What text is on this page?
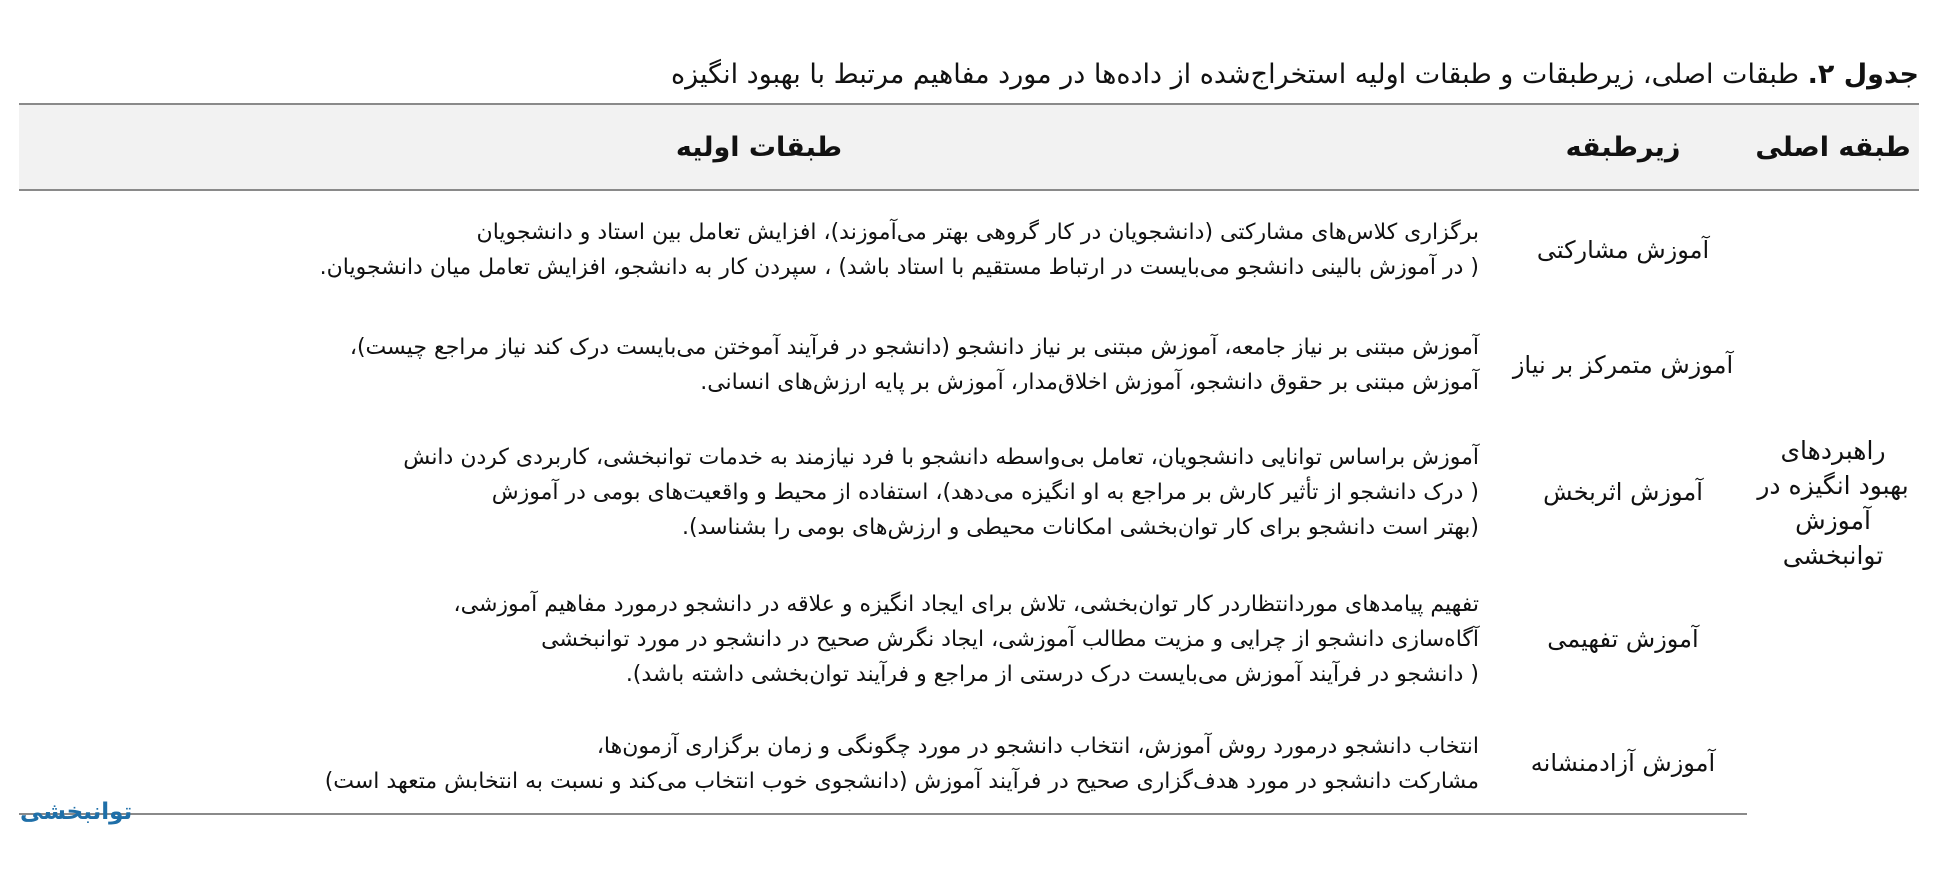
جدول ۲. طبقات اصلی، زیرطبقات و طبقات اولیه استخراج‌شده از داده‌ها در مورد مفاهیم مرتبط با بهبود انگیزه
طبقه اصلی	زیرطبقه	طبقات اولیه
راهبردهای بهبود انگیزه در آموزش توانبخشی	آموزش مشارکتی	برگزاری کلاس‌های مشارکتی (دانشجویان در کار گروهی بهتر می‌آموزند)، افزایش تعامل بین استاد و دانشجویان
( در آموزش بالینی دانشجو می‌بایست در ارتباط مستقیم با استاد باشد) ، سپردن کار به دانشجو، افزایش تعامل میان دانشجویان.

	آموزش متمرکز بر نیاز	آموزش مبتنی بر نیاز جامعه، آموزش مبتنی بر نیاز دانشجو (دانشجو در فرآیند آموختن می‌بایست درک کند نیاز مراجع چیست)،
آموزش مبتنی بر حقوق دانشجو، آموزش اخلاق‌مدار، آموزش بر پایه ارزش‌های انسانی.

	آموزش اثربخش	آموزش براساس توانایی دانشجویان، تعامل بی‌واسطه دانشجو با فرد نیازمند به خدمات توانبخشی، کاربردی کردن دانش
( درک دانشجو از تأثیر کارش بر مراجع به او انگیزه می‌دهد)، استفاده از محیط و واقعیت‌های بومی در آموزش
(بهتر است دانشجو برای کار توان‌بخشی امکانات محیطی و ارزش‌های بومی را بشناسد).

	آموزش تفهیمی	تفهیم پیامدهای موردانتظاردر کار توان‌بخشی، تلاش برای ایجاد انگیزه و علاقه در دانشجو درمورد مفاهیم آموزشی،
آگاه‌سازی دانشجو از چرایی و مزیت مطالب آموزشی، ایجاد نگرش صحیح در دانشجو در مورد توانبخشی
( دانشجو در فرآیند آموزش می‌بایست درک درستی از مراجع و فرآیند توان‌بخشی داشته باشد).

	آموزش آزادمنشانه	انتخاب دانشجو درمورد روش آموزش، انتخاب دانشجو در مورد چگونگی و زمان برگزاری آزمون‌ها،
مشارکت دانشجو در مورد هدف‌گزاری صحیح در فرآیند آموزش (دانشجوی خوب انتخاب می‌کند و نسبت به انتخابش متعهد است)
توانبخشی
